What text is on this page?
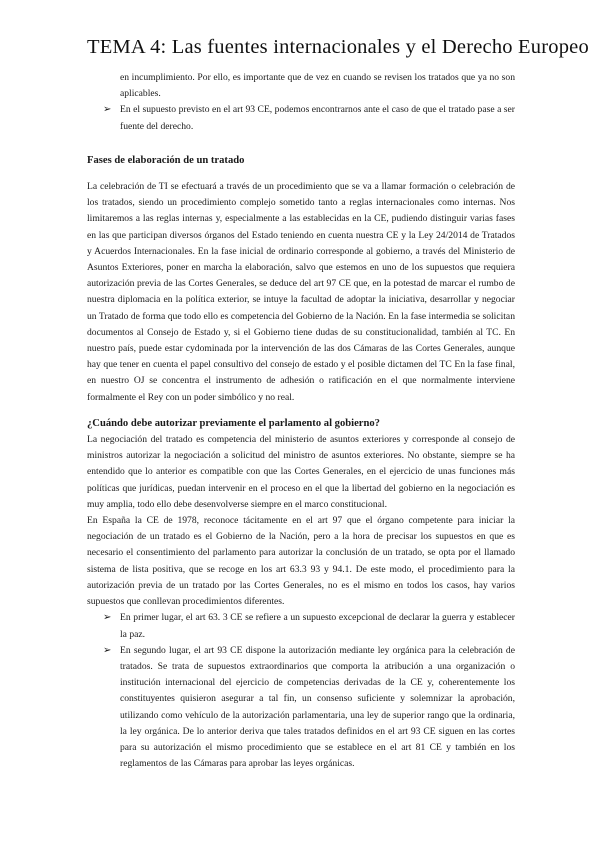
TEMA 4: Las fuentes internacionales y el Derecho Europeo

en incumplimiento. Por ello, es importante que de vez en cuando se revisen los tratados que ya no son aplicables.

➢ En el supuesto previsto en el art 93 CE, podemos encontrarnos ante el caso de que el tratado pase a ser fuente del derecho.

Fases de elaboración de un tratado

La celebración de TI se efectuará a través de un procedimiento que se va a llamar formación o celebración de los tratados, siendo un procedimiento complejo sometido tanto a reglas internacionales como internas. Nos limitaremos a las reglas internas y, especialmente a las establecidas en la CE, pudiendo distinguir varias fases en las que participan diversos órganos del Estado teniendo en cuenta nuestra CE y la Ley 24/2014 de Tratados y Acuerdos Internacionales. En la fase inicial de ordinario corresponde al gobierno, a través del Ministerio de Asuntos Exteriores, poner en marcha la elaboración, salvo que estemos en uno de los supuestos que requiera autorización previa de las Cortes Generales, se deduce del art 97 CE que, en la potestad de marcar el rumbo de nuestra diplomacia en la política exterior, se intuye la facultad de adoptar la iniciativa, desarrollar y negociar un Tratado de forma que todo ello es competencia del Gobierno de la Nación. En la fase intermedia se solicitan documentos al Consejo de Estado y, si el Gobierno tiene dudas de su constitucionalidad, también al TC. En nuestro país, puede estar cydominada por la intervención de las dos Cámaras de las Cortes Generales, aunque hay que tener en cuenta el papel consultivo del consejo de estado y el posible dictamen del TC En la fase final, en nuestro OJ se concentra el instrumento de adhesión o ratificación en el que normalmente interviene formalmente el Rey con un poder simbólico y no real.

¿Cuándo debe autorizar previamente el parlamento al gobierno?

La negociación del tratado es competencia del ministerio de asuntos exteriores y corresponde al consejo de ministros autorizar la negociación a solicitud del ministro de asuntos exteriores. No obstante, siempre se ha entendido que lo anterior es compatible con que las Cortes Generales, en el ejercicio de unas funciones más políticas que jurídicas, puedan intervenir en el proceso en el que la libertad del gobierno en la negociación es muy amplia, todo ello debe desenvolverse siempre en el marco constitucional.

En España la CE de 1978, reconoce tácitamente en el art 97 que el órgano competente para iniciar la negociación de un tratado es el Gobierno de la Nación, pero a la hora de precisar los supuestos en que es necesario el consentimiento del parlamento para autorizar la conclusión de un tratado, se opta por el llamado sistema de lista positiva, que se recoge en los art 63.3 93 y 94.1. De este modo, el procedimiento para la autorización previa de un tratado por las Cortes Generales, no es el mismo en todos los casos, hay varios supuestos que conllevan procedimientos diferentes.

➢ En primer lugar, el art 63. 3 CE se refiere a un supuesto excepcional de declarar la guerra y establecer la paz.
➢ En segundo lugar, el art 93 CE dispone la autorización mediante ley orgánica para la celebración de tratados. Se trata de supuestos extraordinarios que comporta la atribución a una organización o institución internacional del ejercicio de competencias derivadas de la CE y, coherentemente los constituyentes quisieron asegurar a tal fin, un consenso suficiente y solemnizar la aprobación, utilizando como vehículo de la autorización parlamentaria, una ley de superior rango que la ordinaria, la ley orgánica. De lo anterior deriva que tales tratados definidos en el art 93 CE siguen en las cortes para su autorización el mismo procedimiento que se establece en el art 81 CE y también en los reglamentos de las Cámaras para aprobar las leyes orgánicas.
